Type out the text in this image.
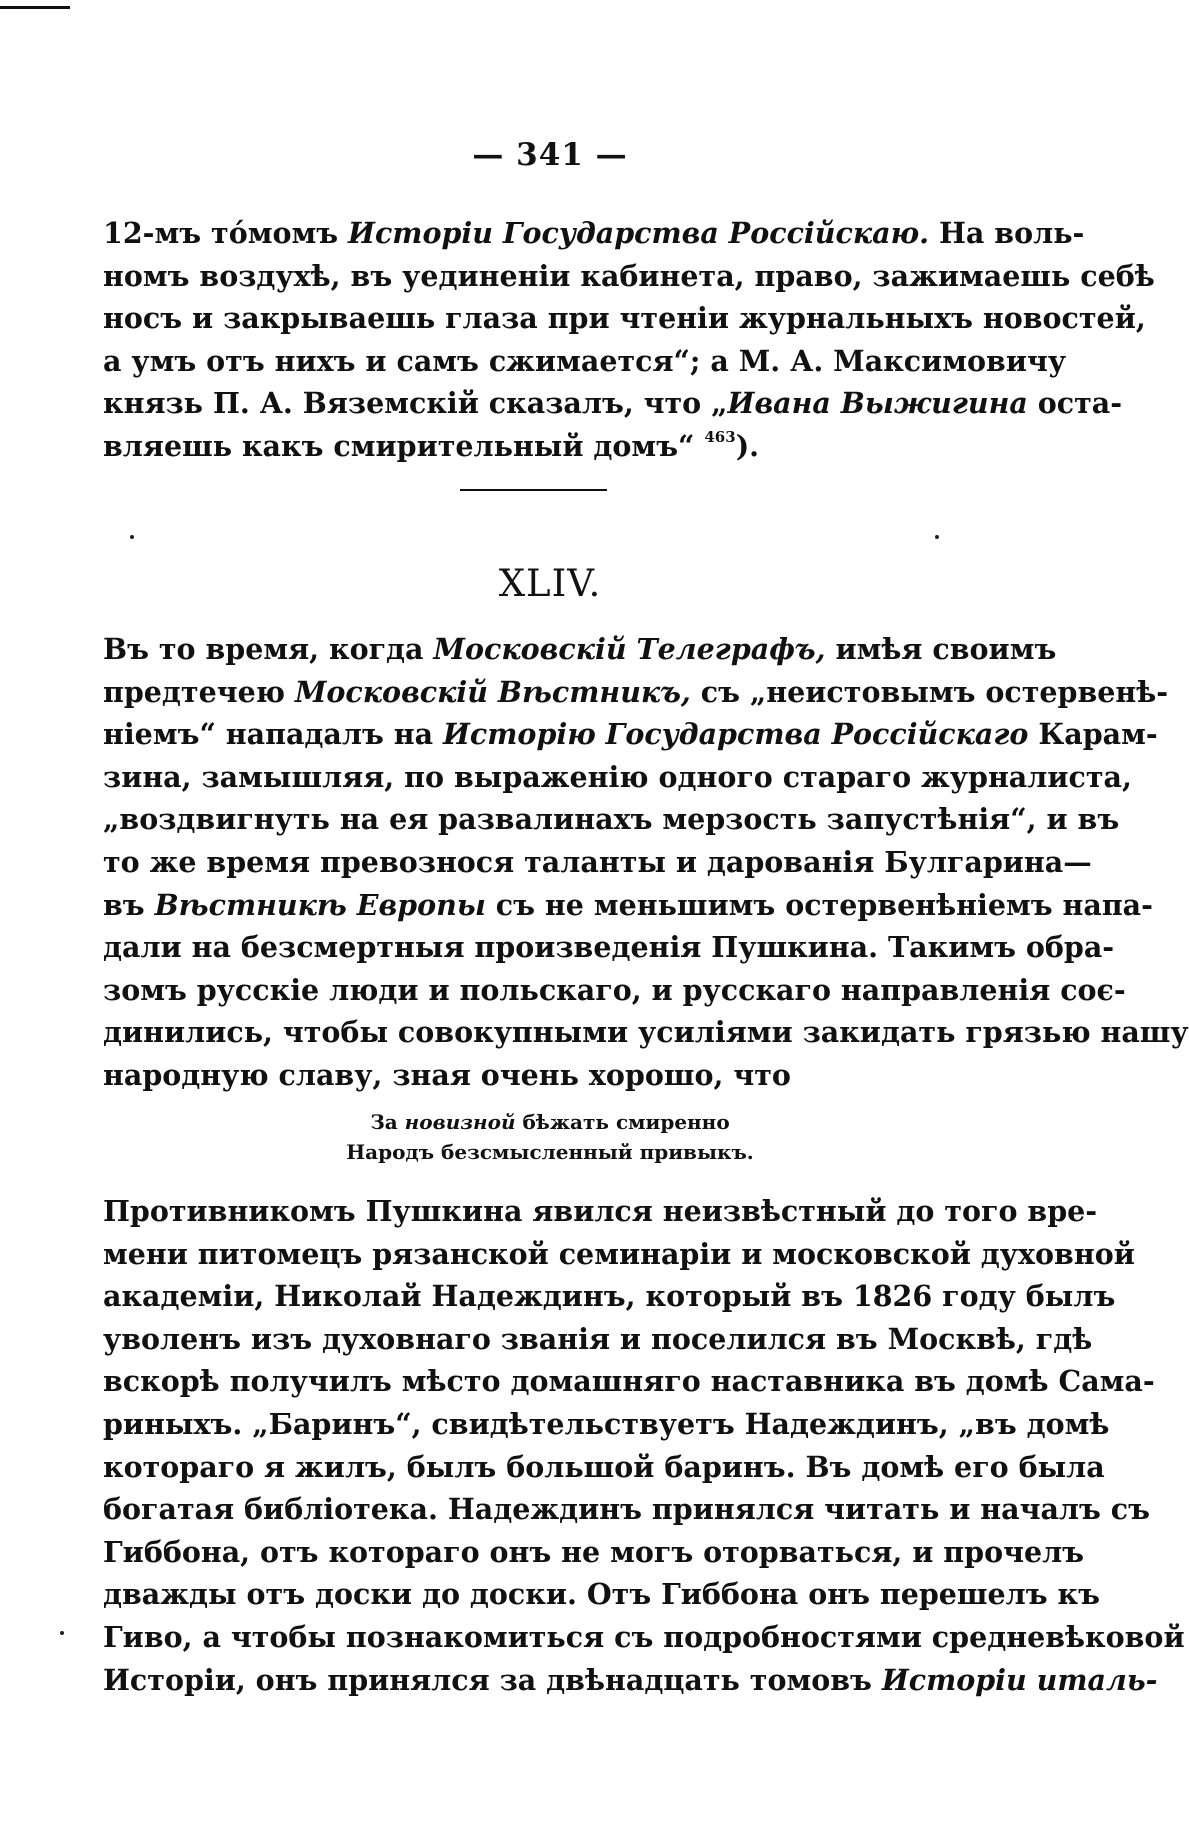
— 341 —
12-мъ то́момъ Исторіи Государства Россійскаю. На воль-
номъ воздухѣ, въ уединеніи кабинета, право, зажимаешь себѣ
носъ и закрываешь глаза при чтеніи журнальныхъ новостей,
а умъ отъ нихъ и самъ сжимается“; а М. А. Максимовичу
князь П. А. Вяземскій сказалъ, что „Ивана Выжигина оста-
вляешь какъ смирительный домъ“ $^{463}$).
XLIV.
Въ то время, когда Московскій Телеграфъ, имѣя своимъ
предтечею Московскій Вѣстникъ, съ „неистовымъ остервенѣ-
ніемъ“ нападалъ на Исторію Государства Россійскаго Карам-
зина, замышляя, по выраженію одного стараго журналиста,
„воздвигнуть на ея развалинахъ мерзость запустѣнія“, и въ
то же время превознося таланты и дарованія Булгарина—
въ Вѣстникѣ Европы съ не меньшимъ остервенѣніемъ напа-
дали на безсмертныя произведенія Пушкина. Такимъ обра-
зомъ русскіе люди и польскаго, и русскаго направленія соє-
динились, чтобы совокупными усиліями закидать грязью нашу
народную славу, зная очень хорошо, что
За новизной бѣжать смиренно
Народъ безсмысленный привыкъ.
Противникомъ Пушкина явился неизвѣстный до того вре-
мени питомецъ рязанской семинаріи и московской духовной
академіи, Николай Надеждинъ, который въ 1826 году былъ
уволенъ изъ духовнаго званія и поселился въ Москвѣ, гдѣ
вскорѣ получилъ мѣсто домашняго наставника въ домѣ Сама-
риныхъ. „Баринъ“, свидѣтельствуетъ Надеждинъ, „въ домѣ
котораго я жилъ, былъ большой баринъ. Въ домѣ его была
богатая библіотека. Надеждинъ принялся читать и началъ съ
Гиббона, отъ котораго онъ не могъ оторваться, и прочелъ
дважды отъ доски до доски. Отъ Гиббона онъ перешелъ къ
Гиво, а чтобы познакомиться съ подробностями средневѣковой
Исторіи, онъ принялся за двѣнадцать томовъ Исторіи италь-
